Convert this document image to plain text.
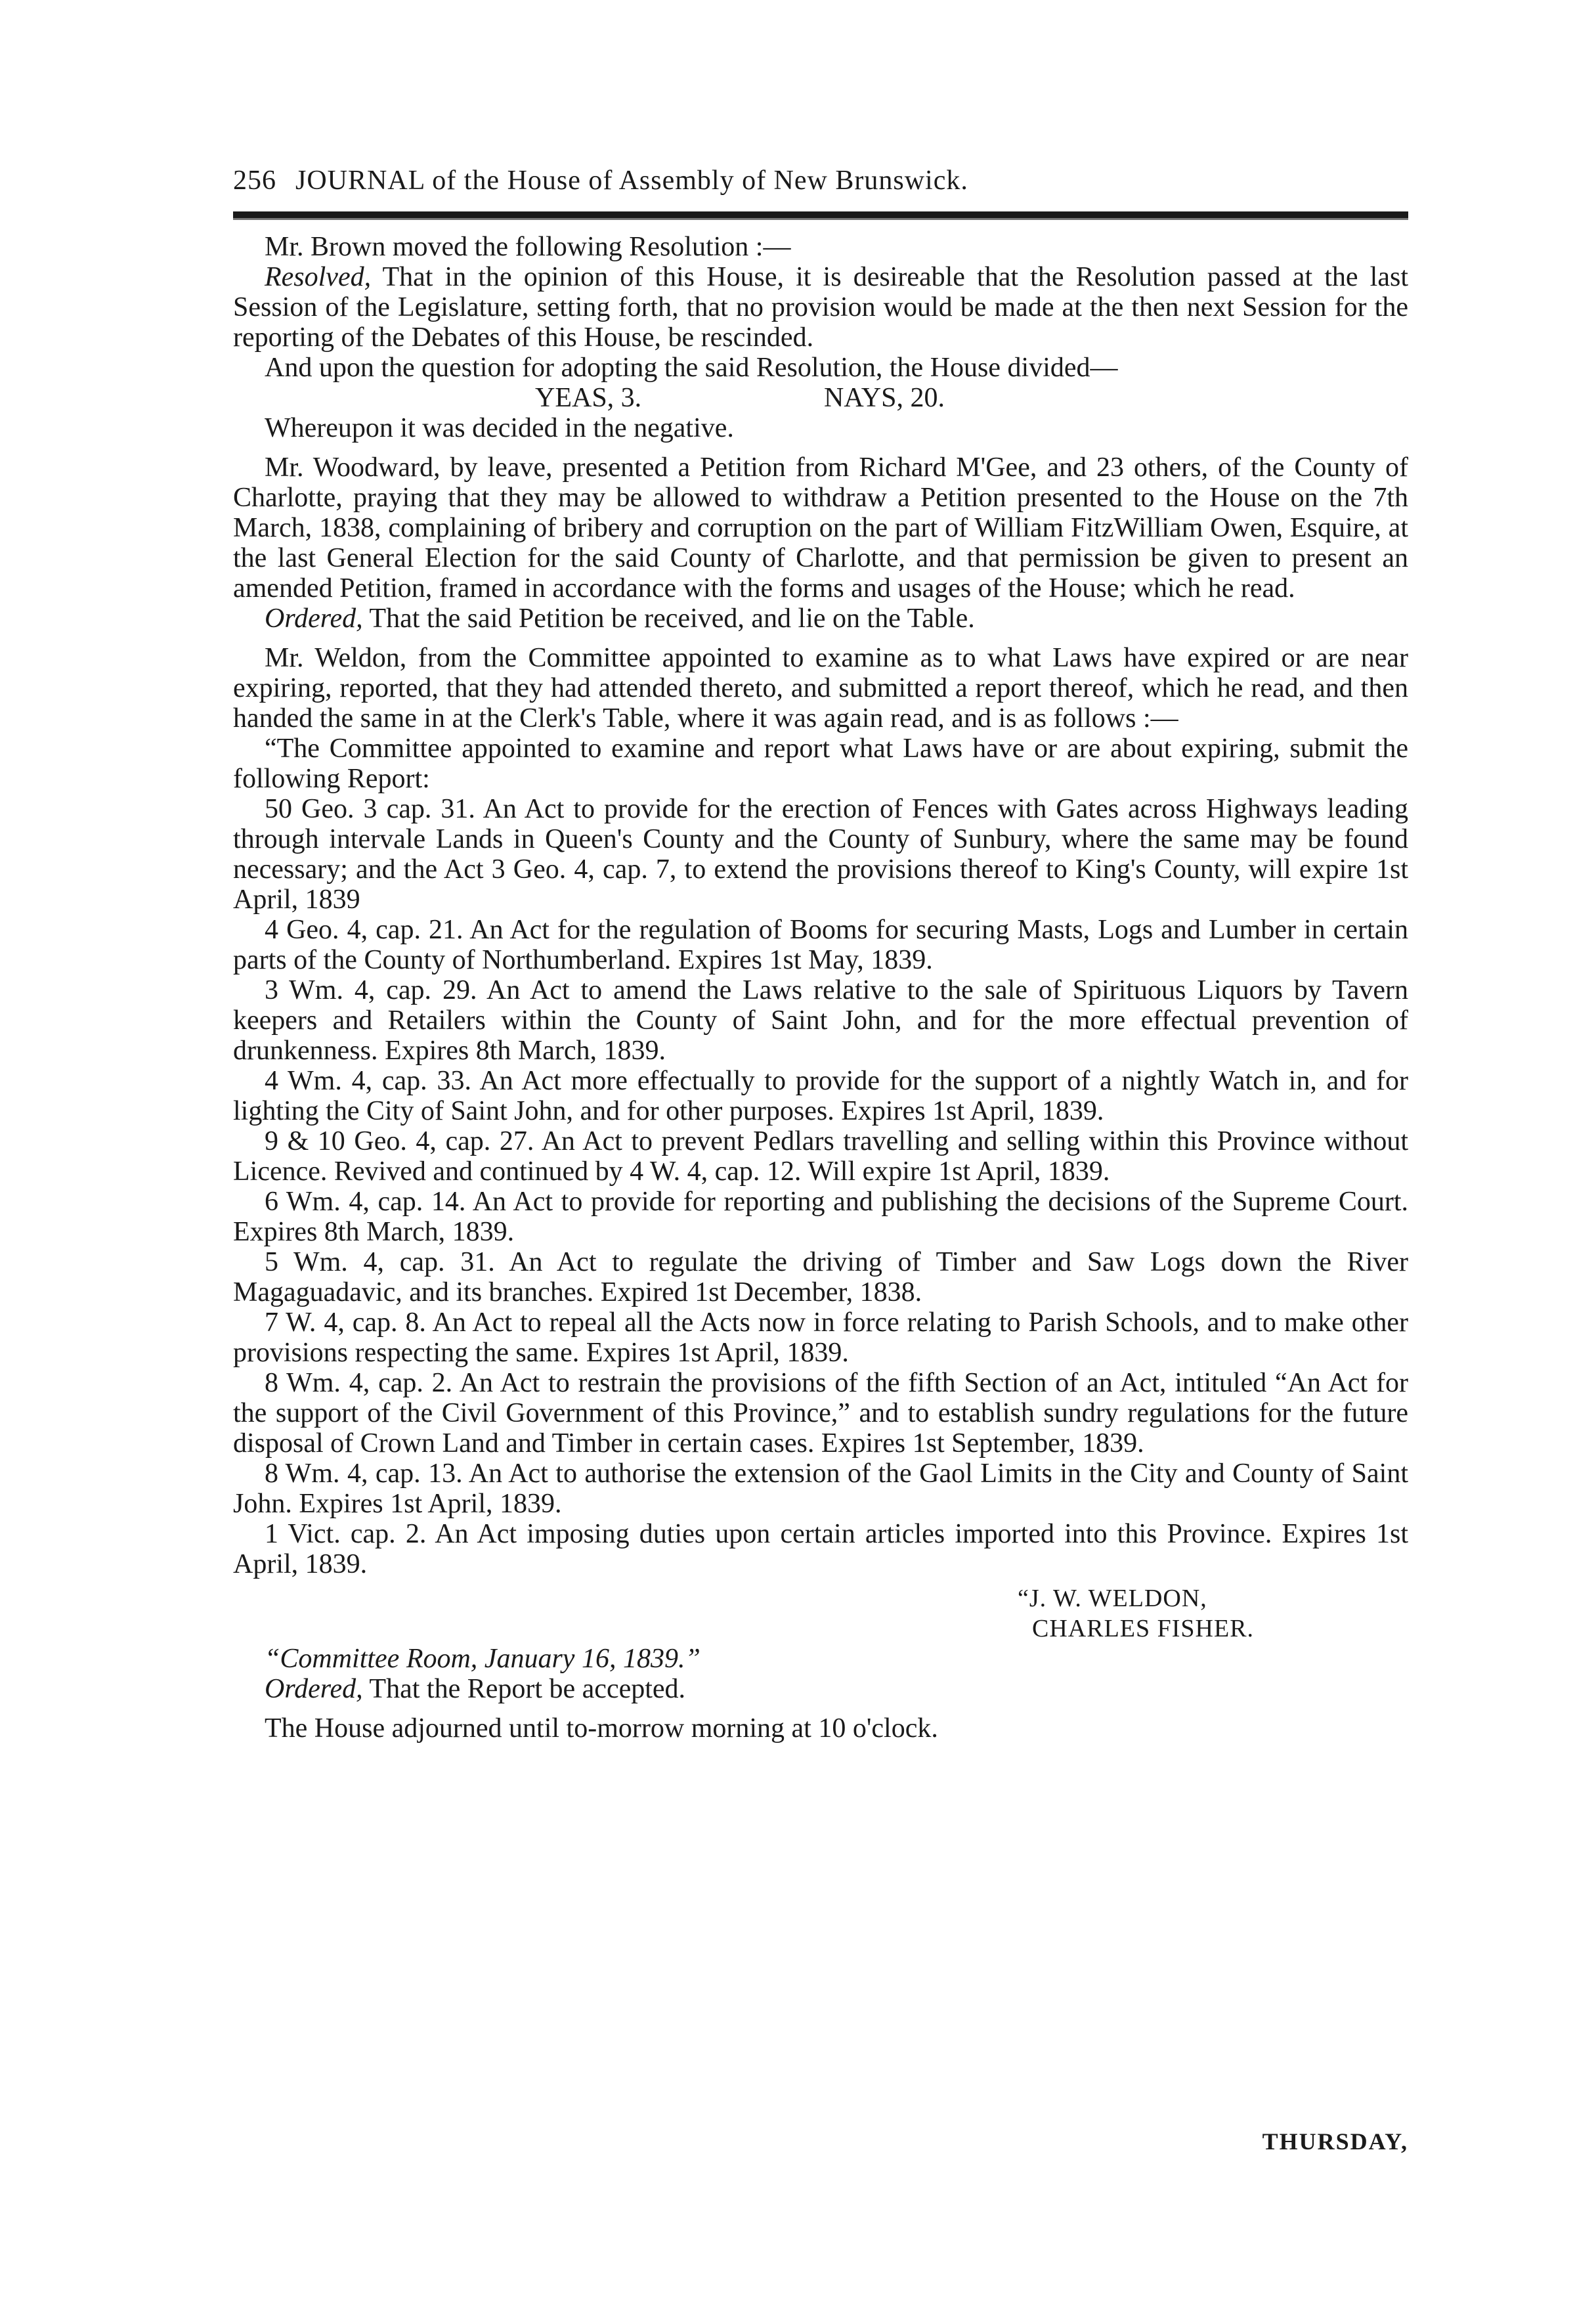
256 JOURNAL of the House of Assembly of New Brunswick.

Mr. Brown moved the following Resolution :—

Resolved, That in the opinion of this House, it is desireable that the Resolution passed at the last Session of the Legislature, setting forth, that no provision would be made at the then next Session for the reporting of the Debates of this House, be rescinded.

And upon the question for adopting the said Resolution, the House divided—

YEAS, 3.	NAYS, 20.

Whereupon it was decided in the negative.

Mr. Woodward, by leave, presented a Petition from Richard M'Gee, and 23 others, of the County of Charlotte, praying that they may be allowed to withdraw a Petition presented to the House on the 7th March, 1838, complaining of bribery and corruption on the part of William FitzWilliam Owen, Esquire, at the last General Election for the said County of Charlotte, and that permission be given to present an amended Petition, framed in accordance with the forms and usages of the House; which he read.

Ordered, That the said Petition be received, and lie on the Table.

Mr. Weldon, from the Committee appointed to examine as to what Laws have expired or are near expiring, reported, that they had attended thereto, and submitted a report thereof, which he read, and then handed the same in at the Clerk's Table, where it was again read, and is as follows :—

“The Committee appointed to examine and report what Laws have or are about expiring, submit the following Report:

50 Geo. 3 cap. 31. An Act to provide for the erection of Fences with Gates across Highways leading through intervale Lands in Queen's County and the County of Sunbury, where the same may be found necessary; and the Act 3 Geo. 4, cap. 7, to extend the provisions thereof to King's County, will expire 1st April, 1839

4 Geo. 4, cap. 21. An Act for the regulation of Booms for securing Masts, Logs and Lumber in certain parts of the County of Northumberland. Expires 1st May, 1839.

3 Wm. 4, cap. 29. An Act to amend the Laws relative to the sale of Spirituous Liquors by Tavern keepers and Retailers within the County of Saint John, and for the more effectual prevention of drunkenness. Expires 8th March, 1839.

4 Wm. 4, cap. 33. An Act more effectually to provide for the support of a nightly Watch in, and for lighting the City of Saint John, and for other purposes. Expires 1st April, 1839.

9 & 10 Geo. 4, cap. 27. An Act to prevent Pedlars travelling and selling within this Province without Licence. Revived and continued by 4 W. 4, cap. 12. Will expire 1st April, 1839.

6 Wm. 4, cap. 14. An Act to provide for reporting and publishing the decisions of the Supreme Court. Expires 8th March, 1839.

5 Wm. 4, cap. 31. An Act to regulate the driving of Timber and Saw Logs down the River Magaguadavic, and its branches. Expired 1st December, 1838.

7 W. 4, cap. 8. An Act to repeal all the Acts now in force relating to Parish Schools, and to make other provisions respecting the same. Expires 1st April, 1839.

8 Wm. 4, cap. 2. An Act to restrain the provisions of the fifth Section of an Act, intituled “An Act for the support of the Civil Government of this Province,” and to establish sundry regulations for the future disposal of Crown Land and Timber in certain cases. Expires 1st September, 1839.

8 Wm. 4, cap. 13. An Act to authorise the extension of the Gaol Limits in the City and County of Saint John. Expires 1st April, 1839.

1 Vict. cap. 2. An Act imposing duties upon certain articles imported into this Province. Expires 1st April, 1839.

“J. W. WELDON,
CHARLES FISHER.

“Committee Room, January 16, 1839.”

Ordered, That the Report be accepted.

The House adjourned until to-morrow morning at 10 o'clock.

THURSDAY,
